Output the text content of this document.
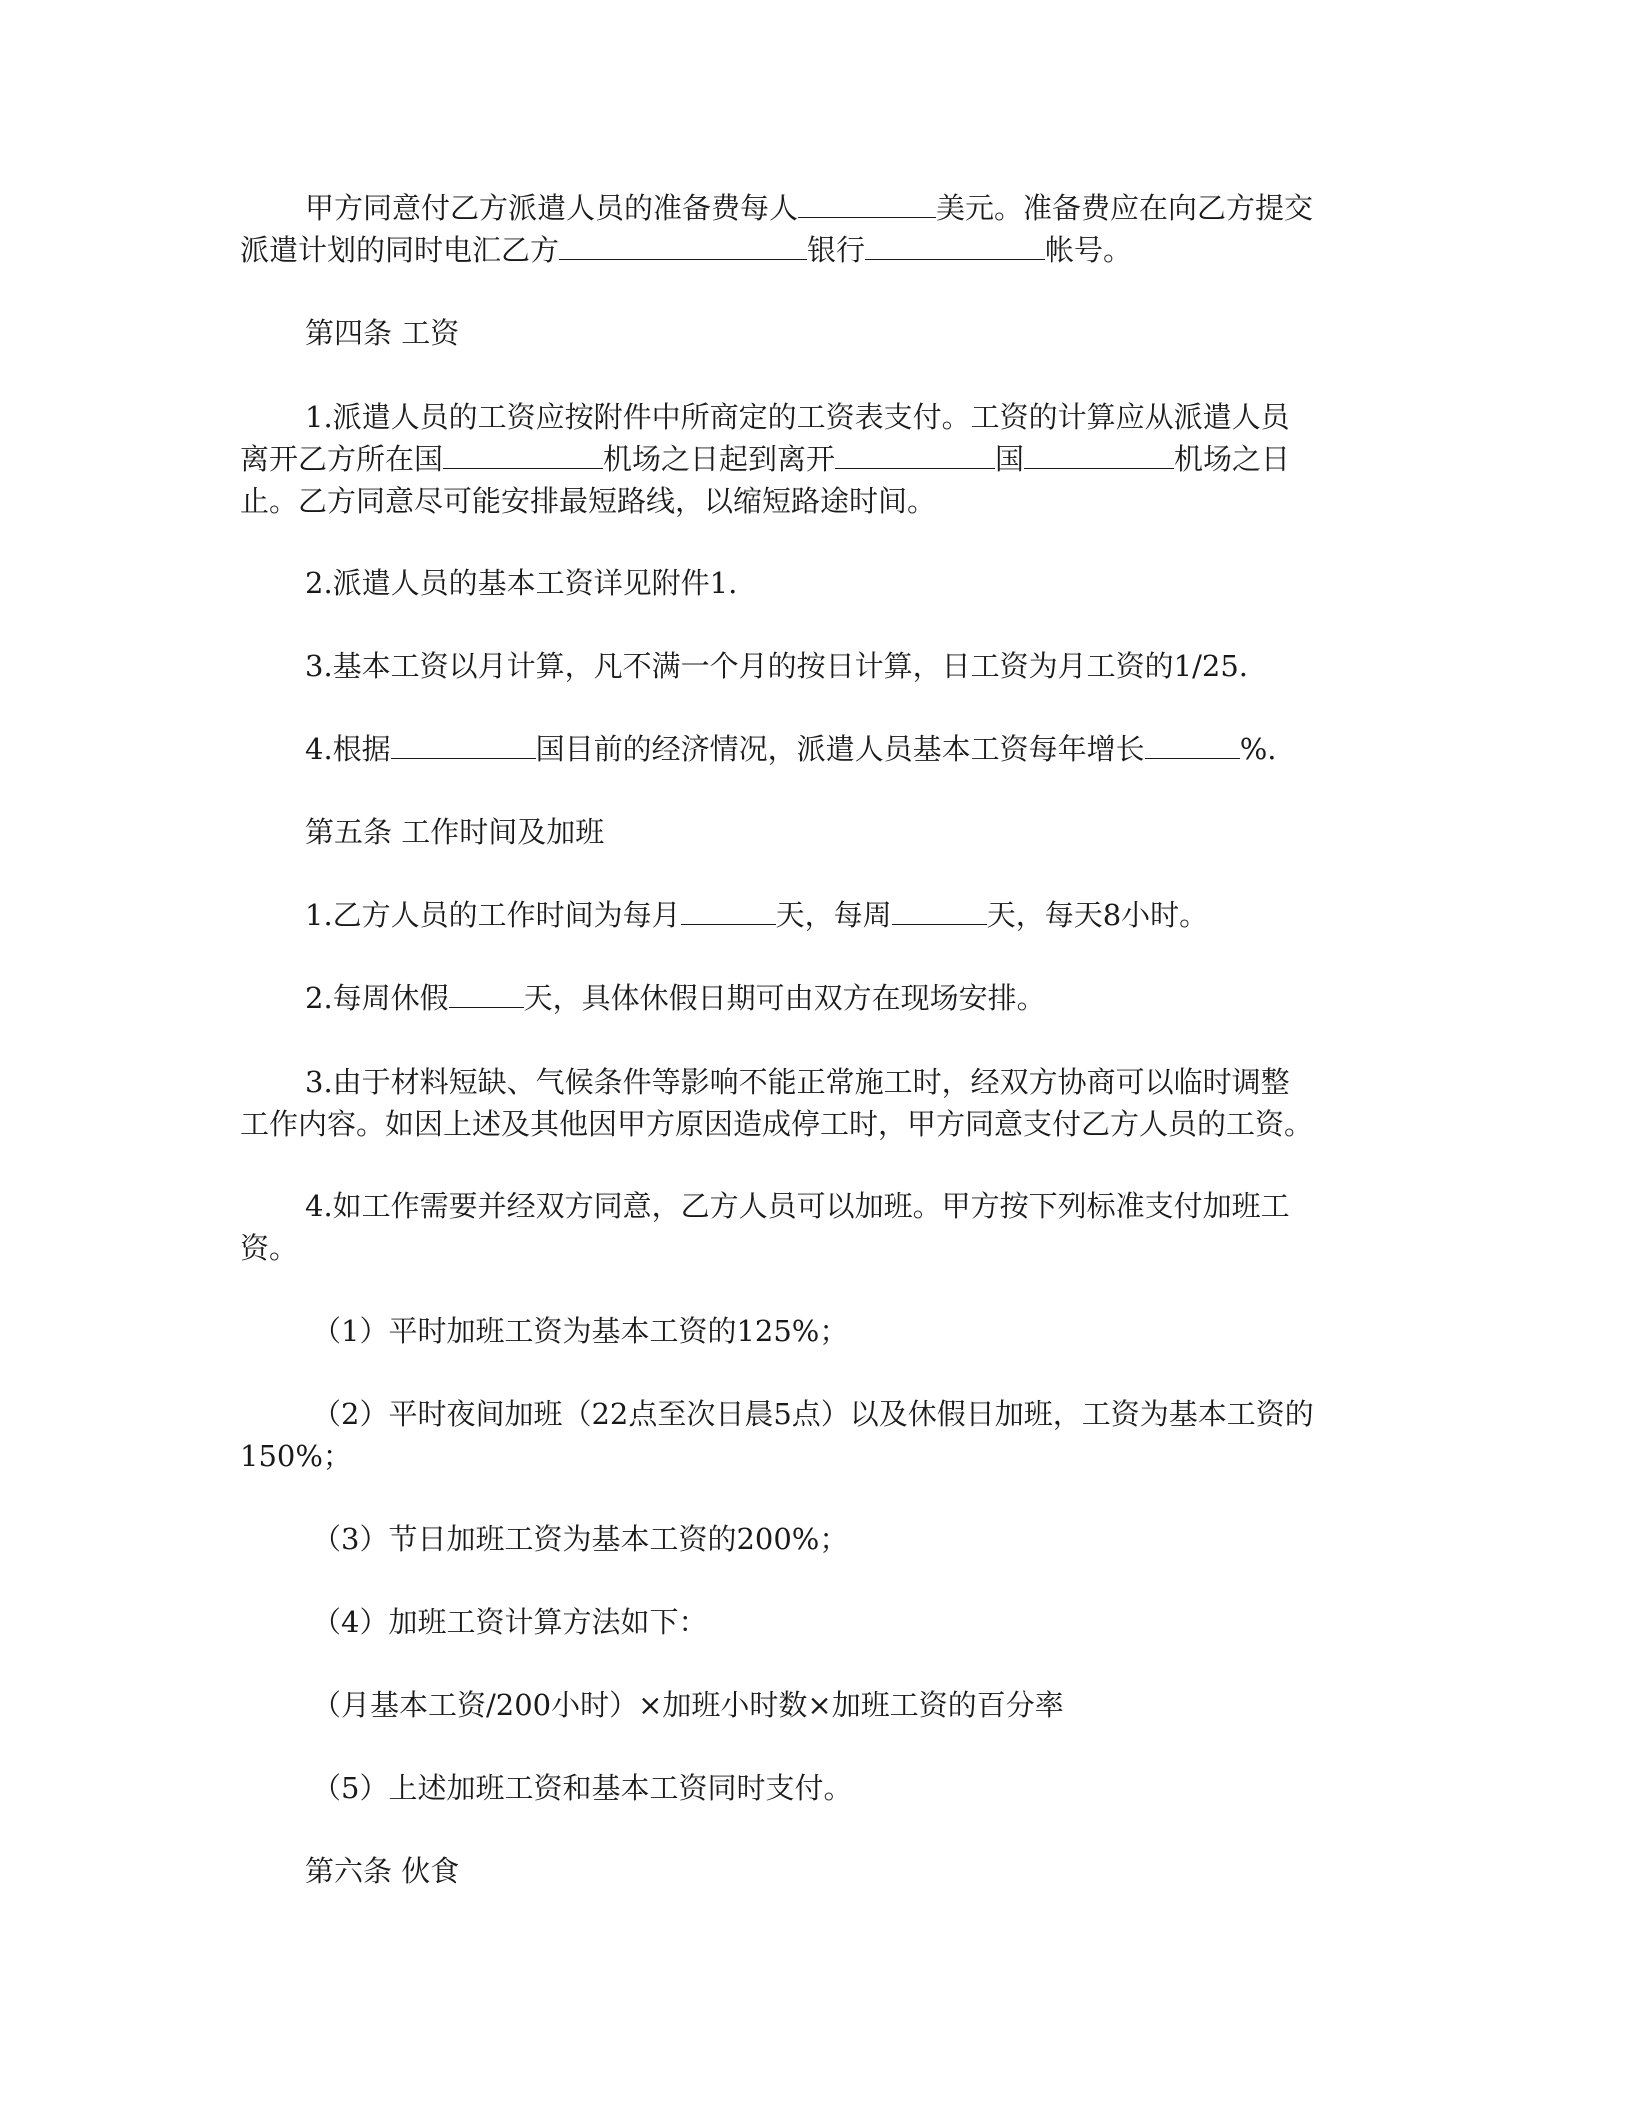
甲方同意付乙方派遣人员的准备费每人	美元。准备费应在向乙方提交
派遣计划的同时电汇乙方	银行	帐号。

第四条 工资

1.派遣人员的工资应按附件中所商定的工资表支付。工资的计算应从派遣人员
离开乙方所在国	机场之日起到离开	国	机场之日
止。乙方同意尽可能安排最短路线，以缩短路途时间。

2.派遣人员的基本工资详见附件1.

3.基本工资以月计算，凡不满一个月的按日计算，日工资为月工资的1/25.

4.根据	国目前的经济情况，派遣人员基本工资每年增长	%.

第五条 工作时间及加班

1.乙方人员的工作时间为每月	天，每周	天，每天8小时。

2.每周休假	天，具体休假日期可由双方在现场安排。

3.由于材料短缺、气候条件等影响不能正常施工时，经双方协商可以临时调整
工作内容。如因上述及其他因甲方原因造成停工时，甲方同意支付乙方人员的工资。

4.如工作需要并经双方同意，乙方人员可以加班。甲方按下列标准支付加班工
资。

（1）平时加班工资为基本工资的125%；

（2）平时夜间加班（22点至次日晨5点）以及休假日加班，工资为基本工资的
150%；

（3）节日加班工资为基本工资的200%；

（4）加班工资计算方法如下：

（月基本工资/200小时）×加班小时数×加班工资的百分率

（5）上述加班工资和基本工资同时支付。

第六条 伙食
